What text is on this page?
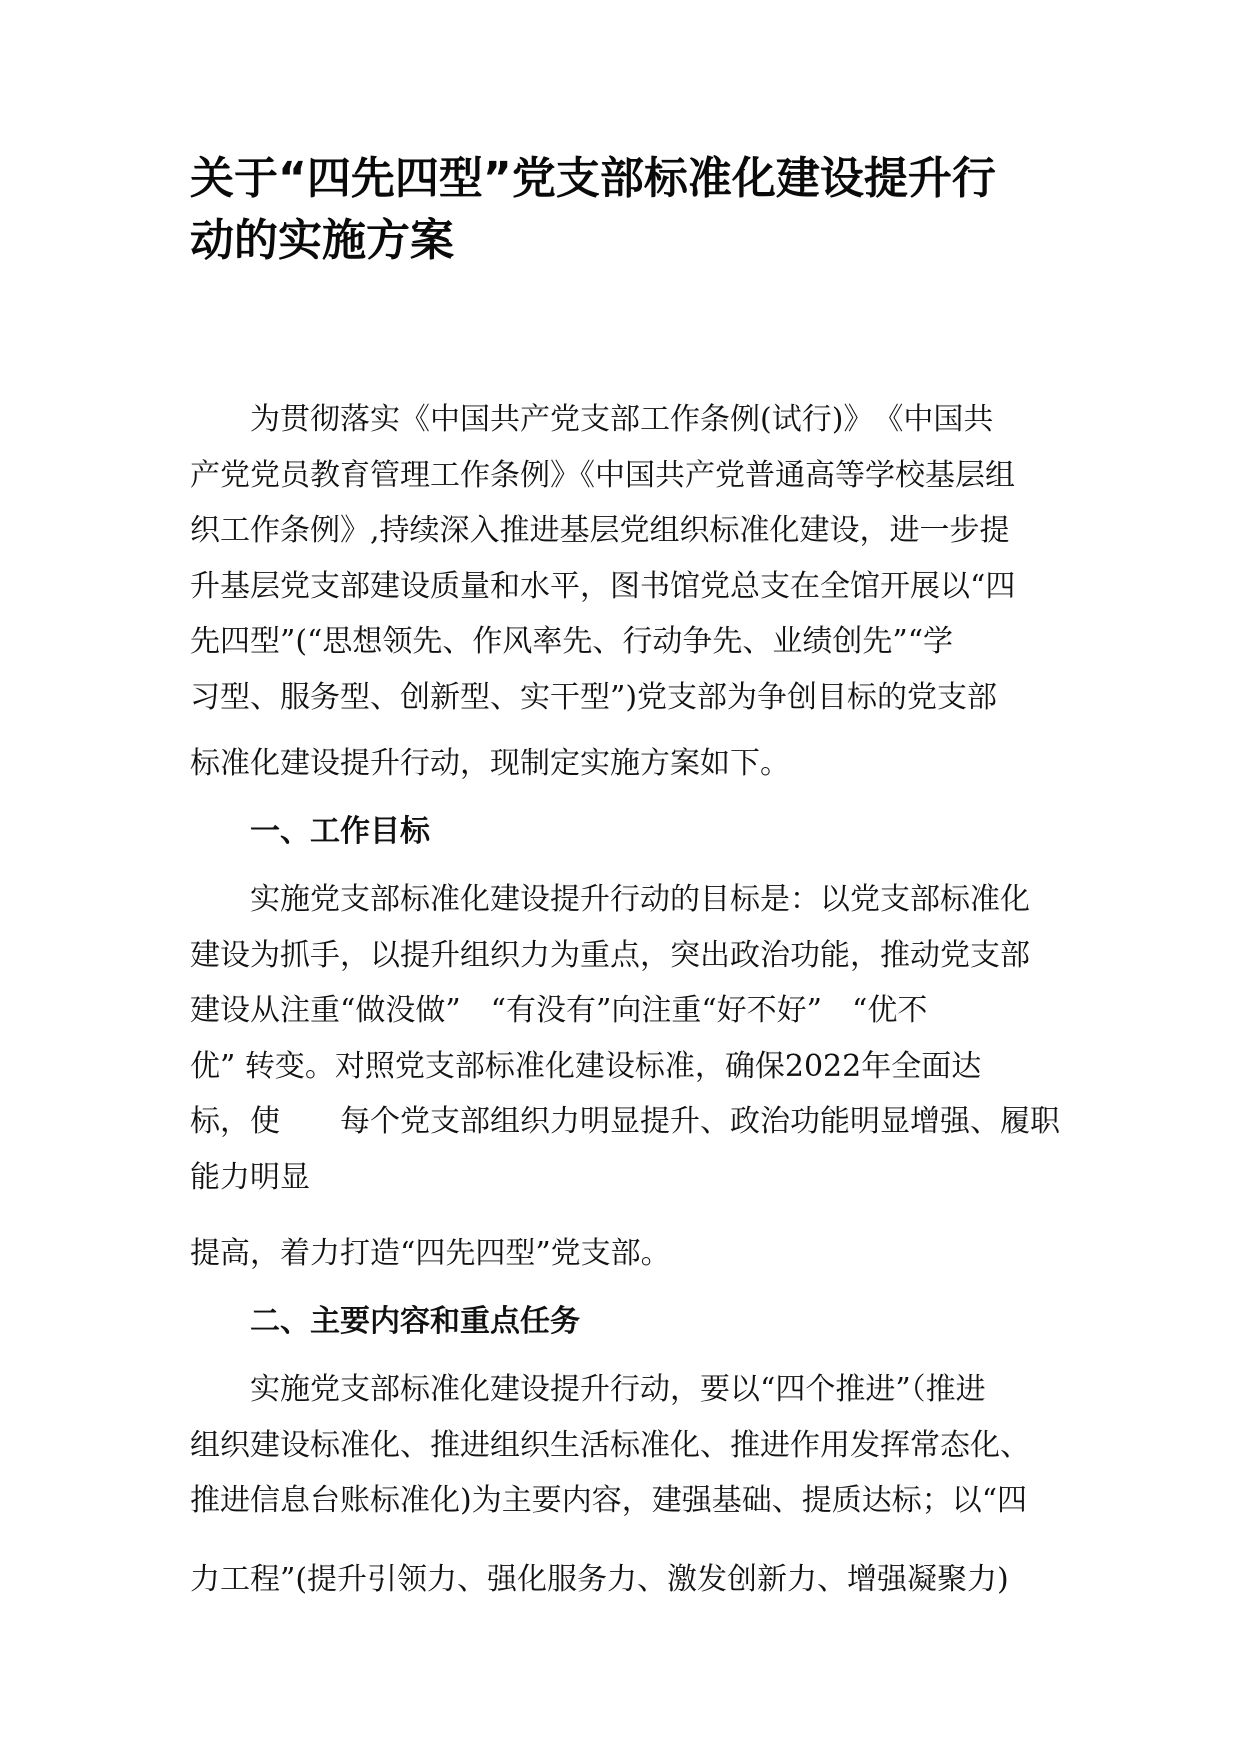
关于“四先四型”党支部标准化建设提升行
动的实施方案

为贯彻落实《中国共产党支部工作条例(试行)》　《中国共

产党党员教育管理工作条例》《中国共产党普通高等学校基层组

织工作条例》,持续深入推进基层党组织标准化建设，进一步提

升基层党支部建设质量和水平，图书馆党总支在全馆开展以“四

先四型”(“思想领先、作风率先、行动争先、业绩创先”“学

习型、服务型、创新型、实干型”)党支部为争创目标的党支部

标准化建设提升行动，现制定实施方案如下。

一、工作目标

实施党支部标准化建设提升行动的目标是：以党支部标准化

建设为抓手，以提升组织力为重点，突出政治功能，推动党支部

建设从注重“做没做”　“有没有”向注重“好不好”　“优不

优” 转变。对照党支部标准化建设标准，确保2022年全面达

标，使　　每个党支部组织力明显提升、政治功能明显增强、履职

能力明显

提高，着力打造“四先四型”党支部。

二、主要内容和重点任务

实施党支部标准化建设提升行动，要以“四个推进”（推进

组织建设标准化、推进组织生活标准化、推进作用发挥常态化、

推进信息台账标准化)为主要内容，建强基础、提质达标；以“四

力工程”(提升引领力、强化服务力、激发创新力、增强凝聚力)
